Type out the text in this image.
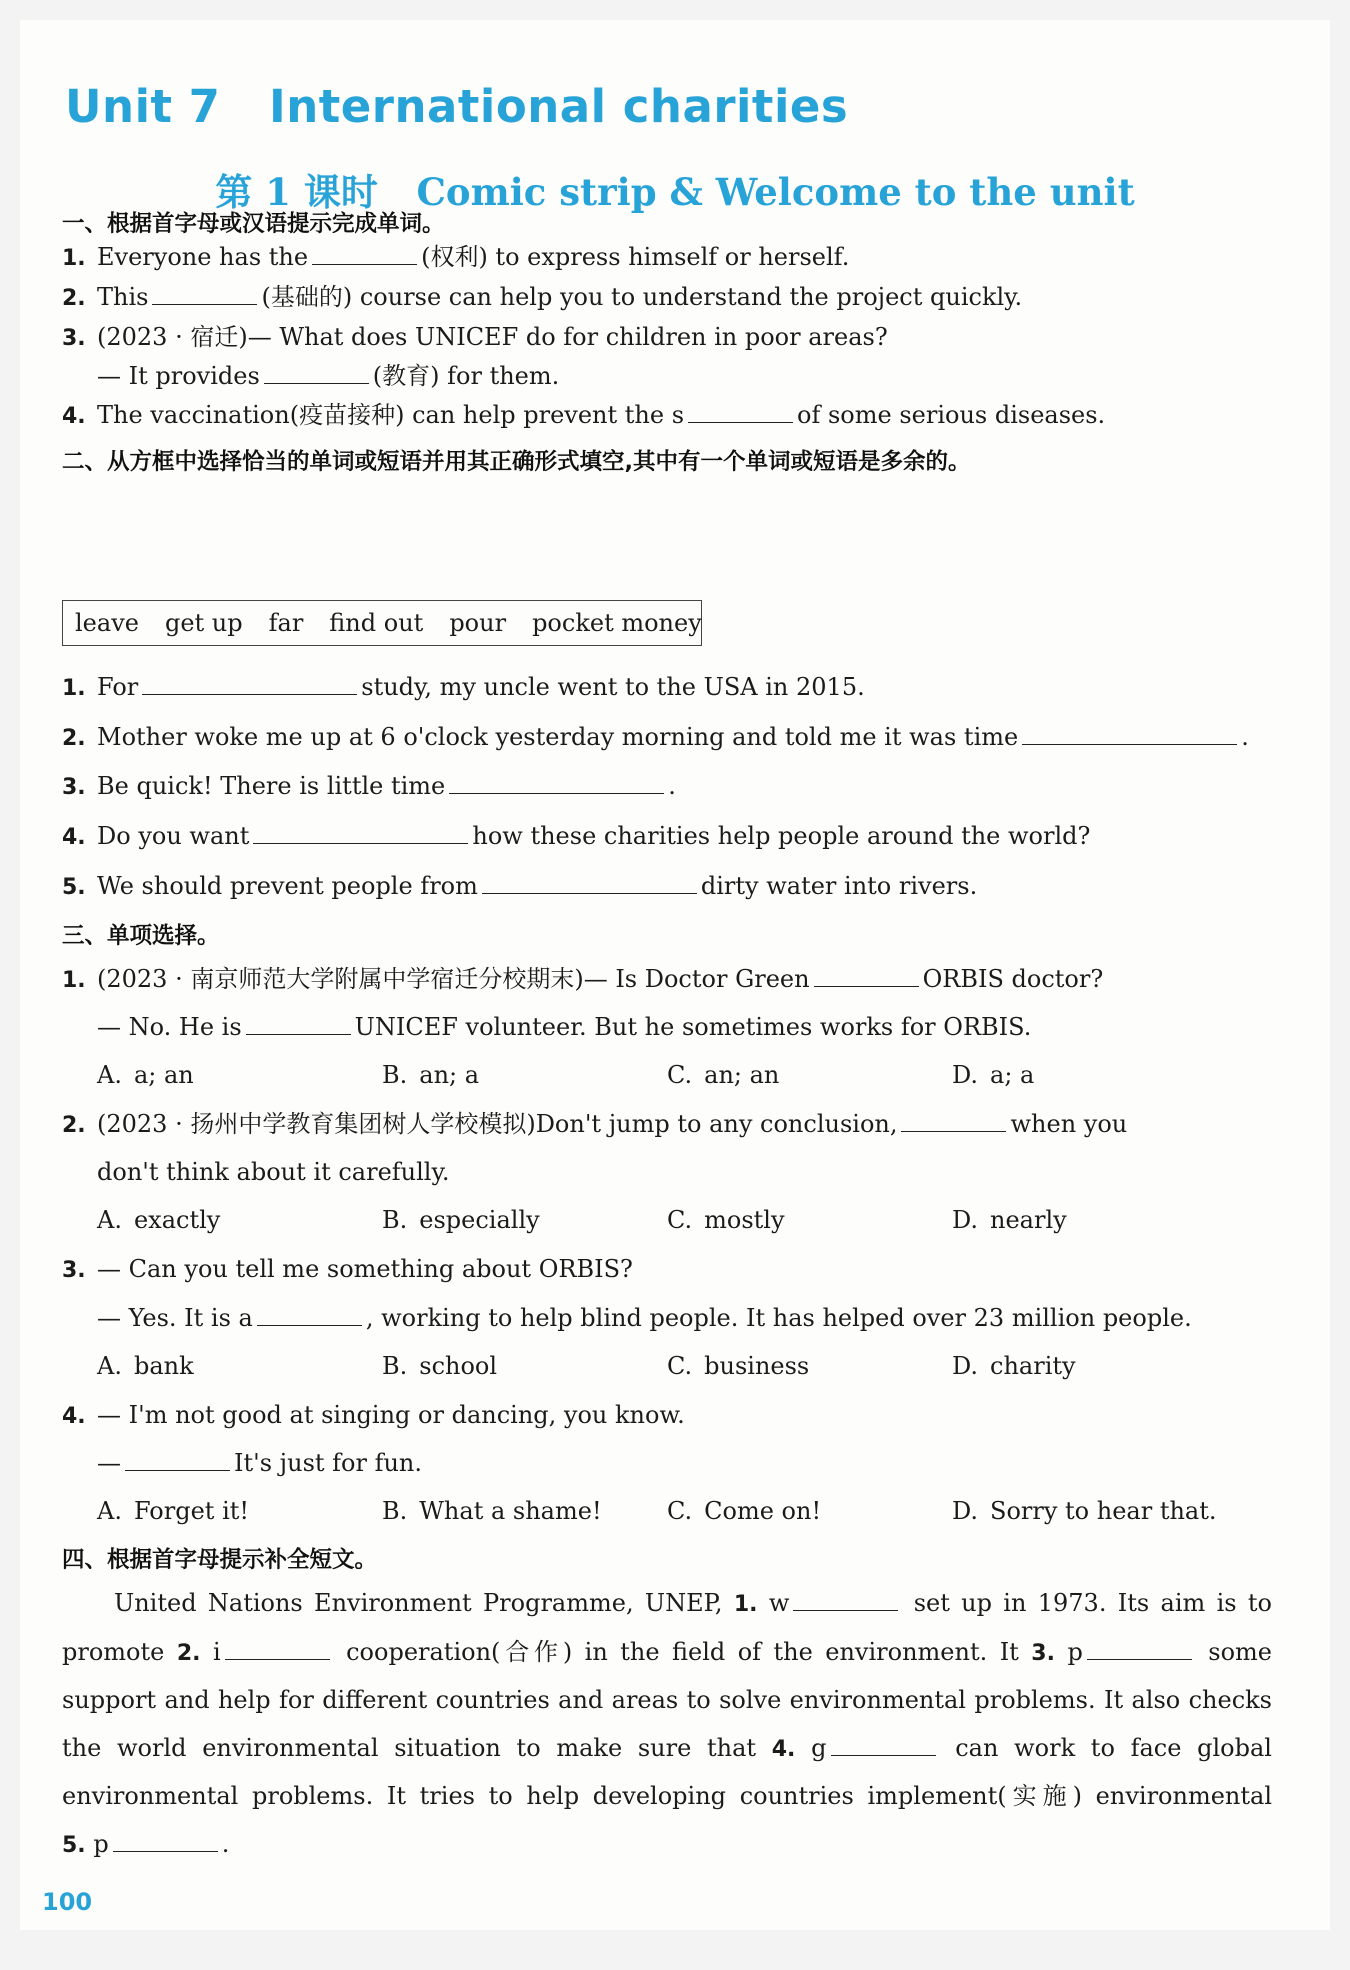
Unit 7   International charities
第 1 课时   Comic strip & Welcome to the unit
一、根据首字母或汉语提示完成单词。
1. Everyone has the	(权利) to express himself or herself.
2. This	(基础的) course can help you to understand the project quickly.
3. (2023 · 宿迁)— What does UNICEF do for children in poor areas?
— It provides	(教育) for them.
4. The vaccination(疫苗接种) can help prevent the s	of some serious diseases.
二、从方框中选择恰当的单词或短语并用其正确形式填空,其中有一个单词或短语是多余的。
leave get up far find out pour pocket money
1. For	study, my uncle went to the USA in 2015.
2. Mother woke me up at 6 o'clock yesterday morning and told me it was time	.
3. Be quick! There is little time	.
4. Do you want	how these charities help people around the world?
5. We should prevent people from	dirty water into rivers.
三、单项选择。
1. (2023 · 南京师范大学附属中学宿迁分校期末)— Is Doctor Green	ORBIS doctor?
— No. He is	UNICEF volunteer. But he sometimes works for ORBIS.
A. a; an	B. an; a	C. an; an	D. a; a
2. (2023 · 扬州中学教育集团树人学校模拟)Don't jump to any conclusion,	when you
don't think about it carefully.
A. exactly	B. especially	C. mostly	D. nearly
3. — Can you tell me something about ORBIS?
— Yes. It is a	, working to help blind people. It has helped over 23 million people.
A. bank	B. school	C. business	D. charity
4. — I'm not good at singing or dancing, you know.
—	It's just for fun.
A. Forget it!	B. What a shame!	C. Come on!	D. Sorry to hear that.
四、根据首字母提示补全短文。
United Nations Environment Programme, UNEP, 1. w	set up in 1973. Its aim is to
promote 2. i	cooperation(合作) in the field of the environment. It 3. p	some
support and help for different countries and areas to solve environmental problems. It also checks
the world environmental situation to make sure that 4. g	can work to face global
environmental problems. It tries to help developing countries implement(实施) environmental
5. p	.
100
